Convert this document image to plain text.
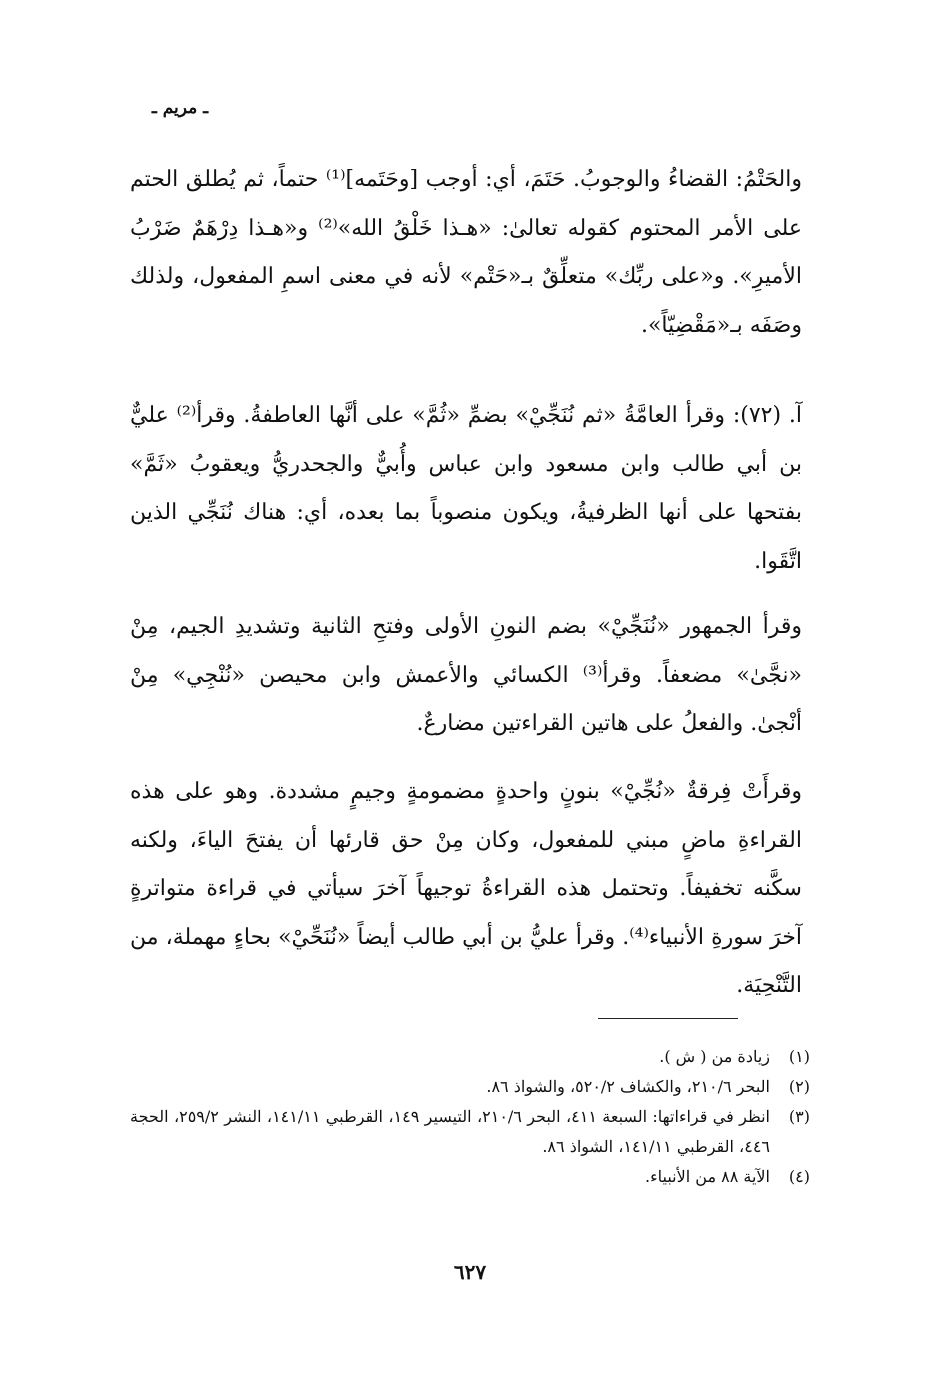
ـ مريم ـ
والحَتْمُ: القضاءُ والوجوبُ. حَتَمَ، أي: أوجب [وحَتَمه]⁽¹⁾ حتماً، ثم يُطلق الحتم على الأمر المحتوم كقوله تعالىٰ: «هـذا خَلْقُ الله»⁽²⁾ و«هـذا دِرْهَمٌ ضَرْبُ الأميرِ». و«على ربِّك» متعلِّقٌ بـ«حَتْم» لأنه في معنى اسمِ المفعول، ولذلك وصَفَه بـ«مَقْضِيّاً».
آ. (٧٢): وقرأ العامَّةُ «ثم نُنَجِّيْ» بضمِّ «ثُمَّ» على أنَّها العاطفةُ. وقرأ⁽²⁾ عليٌّ بن أبي طالب وابن مسعود وابن عباس وأُبيٌّ والجحدريُّ ويعقوبُ «ثَمَّ» بفتحها على أنها الظرفيةُ، ويكون منصوباً بما بعده، أي: هناك نُنَجِّي الذين اتَّقَوا.
وقرأ الجمهور «نُنَجِّيْ» بضم النونِ الأولى وفتحِ الثانية وتشديدِ الجيم، مِنْ «نجَّىٰ» مضعفاً. وقرأ⁽³⁾ الكسائي والأعمش وابن محيصن «نُنْجِي» مِنْ أنْجىٰ. والفعلُ على هاتين القراءتين مضارعٌ.
وقرأَتْ فِرقةٌ «نُجِّيْ» بنونٍ واحدةٍ مضمومةٍ وجيمٍ مشددة. وهو على هذه القراءةِ ماضٍ مبني للمفعول، وكان مِنْ حق قارئها أن يفتحَ الياءَ، ولكنه سكَّنه تخفيفاً. وتحتمل هذه القراءةُ توجيهاً آخرَ سيأتي في قراءة متواترةٍ آخرَ سورةِ الأنبياء⁽⁴⁾. وقرأ عليُّ بن أبي طالب أيضاً «نُنَحِّيْ» بحاءٍ مهملة، من التَّنْحِيَة.
(١)
زيادة من ( ش ).
(٢)
البحر ٢١٠/٦، والكشاف ٥٢٠/٢، والشواذ ٨٦.
(٣)
انظر في قراءاتها: السبعة ٤١١، البحر ٢١٠/٦، التيسير ١٤٩، القرطبي ١٤١/١١، النشر ٢٥٩/٢، الحجة ٤٤٦، القرطبي ١٤١/١١، الشواذ ٨٦.
(٤)
الآية ٨٨ من الأنبياء.
٦٢٧
